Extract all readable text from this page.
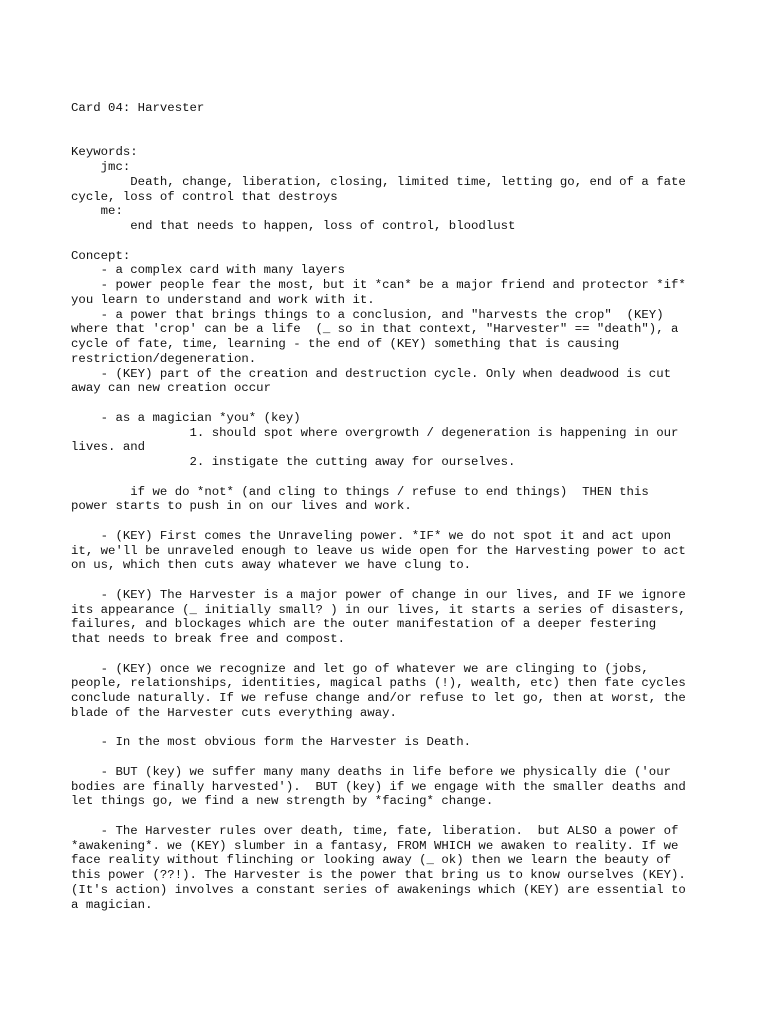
Card 04: Harvester
Keywords:
jmc:
Death, change, liberation, closing, limited time, letting go, end of a fate
cycle, loss of control that destroys
me:
end that needs to happen, loss of control, bloodlust
Concept:
- a complex card with many layers
- power people fear the most, but it *can* be a major friend and protector *if*
you learn to understand and work with it.
- a power that brings things to a conclusion, and "harvests the crop"  (KEY)
where that 'crop' can be a life  (_ so in that context, "Harvester" == "death"), a
cycle of fate, time, learning - the end of (KEY) something that is causing
restriction/degeneration.
- (KEY) part of the creation and destruction cycle. Only when deadwood is cut
away can new creation occur
- as a magician *you* (key)
1. should spot where overgrowth / degeneration is happening in our
lives. and
2. instigate the cutting away for ourselves.
if we do *not* (and cling to things / refuse to end things)  THEN this
power starts to push in on our lives and work.
- (KEY) First comes the Unraveling power. *IF* we do not spot it and act upon
it, we'll be unraveled enough to leave us wide open for the Harvesting power to act
on us, which then cuts away whatever we have clung to.
- (KEY) The Harvester is a major power of change in our lives, and IF we ignore
its appearance (_ initially small? ) in our lives, it starts a series of disasters,
failures, and blockages which are the outer manifestation of a deeper festering
that needs to break free and compost.
- (KEY) once we recognize and let go of whatever we are clinging to (jobs,
people, relationships, identities, magical paths (!), wealth, etc) then fate cycles
conclude naturally. If we refuse change and/or refuse to let go, then at worst, the
blade of the Harvester cuts everything away.
- In the most obvious form the Harvester is Death.
- BUT (key) we suffer many many deaths in life before we physically die ('our
bodies are finally harvested').  BUT (key) if we engage with the smaller deaths and
let things go, we find a new strength by *facing* change.
- The Harvester rules over death, time, fate, liberation.  but ALSO a power of
*awakening*. we (KEY) slumber in a fantasy, FROM WHICH we awaken to reality. If we
face reality without flinching or looking away (_ ok) then we learn the beauty of
this power (??!). The Harvester is the power that bring us to know ourselves (KEY).
(It's action) involves a constant series of awakenings which (KEY) are essential to
a magician.
